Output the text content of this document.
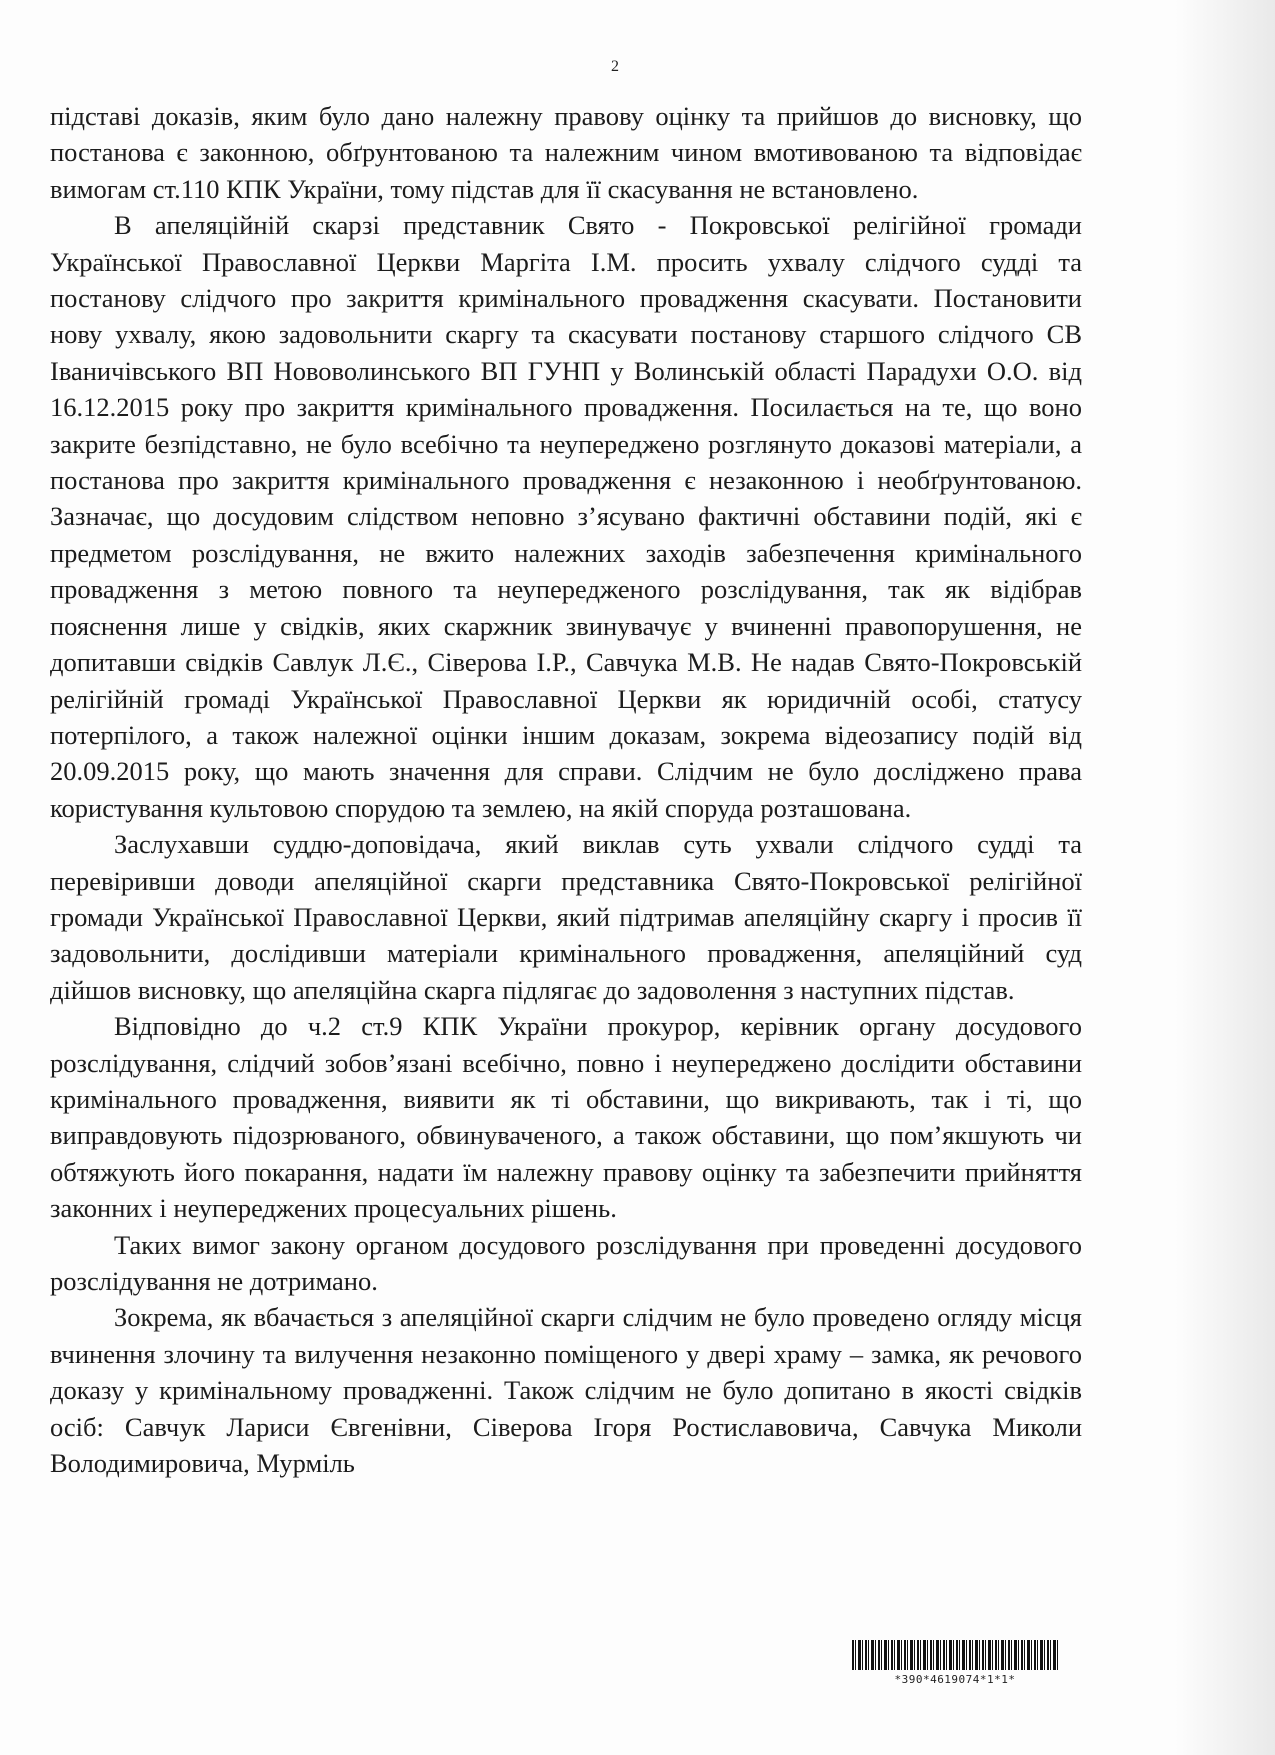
2

підставі доказів, яким було дано належну правову оцінку та прийшов до висновку, що постанова є законною, обґрунтованою та належним чином вмотивованою та відповідає вимогам ст.110 КПК України, тому підстав для її скасування не встановлено.

В апеляційній скарзі представник Свято - Покровської релігійної громади Української Православної Церкви Маргіта І.М. просить ухвалу слідчого судді та постанову слідчого про закриття кримінального провадження скасувати. Постановити нову ухвалу, якою задовольнити скаргу та скасувати постанову старшого слідчого СВ Іваничівського ВП Нововолинського ВП ГУНП у Волинській області Парадухи О.О. від 16.12.2015 року про закриття кримінального провадження. Посилається на те, що воно закрите безпідставно, не було всебічно та неупереджено розглянуто доказові матеріали, а постанова про закриття кримінального провадження є незаконною і необґрунтованою. Зазначає, що досудовим слідством неповно з’ясувано фактичні обставини подій, які є предметом розслідування, не вжито належних заходів забезпечення кримінального провадження з метою повного та неупередженого розслідування, так як відібрав пояснення лише у свідків, яких скаржник звинувачує у вчиненні правопорушення, не допитавши свідків Савлук Л.Є., Сіверова І.Р., Савчука М.В. Не надав Свято-Покровській релігійній громаді Української Православної Церкви як юридичній особі, статусу потерпілого, а також належної оцінки іншим доказам, зокрема відеозапису подій від 20.09.2015 року, що мають значення для справи. Слідчим не було досліджено права користування культовою спорудою та землею, на якій споруда розташована.

Заслухавши суддю-доповідача, який виклав суть ухвали слідчого судді та перевіривши доводи апеляційної скарги представника Свято-Покровської релігійної громади Української Православної Церкви, який підтримав апеляційну скаргу і просив її задовольнити, дослідивши матеріали кримінального провадження, апеляційний суд дійшов висновку, що апеляційна скарга підлягає до задоволення з наступних підстав.

Відповідно до ч.2 ст.9 КПК України прокурор, керівник органу досудового розслідування, слідчий зобов’язані всебічно, повно і неупереджено дослідити обставини кримінального провадження, виявити як ті обставини, що викривають, так і ті, що виправдовують підозрюваного, обвинуваченого, а також обставини, що пом’якшують чи обтяжують його покарання, надати їм належну правову оцінку та забезпечити прийняття законних і неупереджених процесуальних рішень.

Таких вимог закону органом досудового розслідування при проведенні досудового розслідування не дотримано.

Зокрема, як вбачається з апеляційної скарги слідчим не було проведено огляду місця вчинення злочину та вилучення незаконно поміщеного у двері храму – замка, як речового доказу у кримінальному провадженні. Також слідчим не було допитано в якості свідків осіб: Савчук Лариси Євгенівни, Сіверова Ігоря Ростиславовича, Савчука Миколи Володимировича, Мурміль

*390*4619074*1*1*
